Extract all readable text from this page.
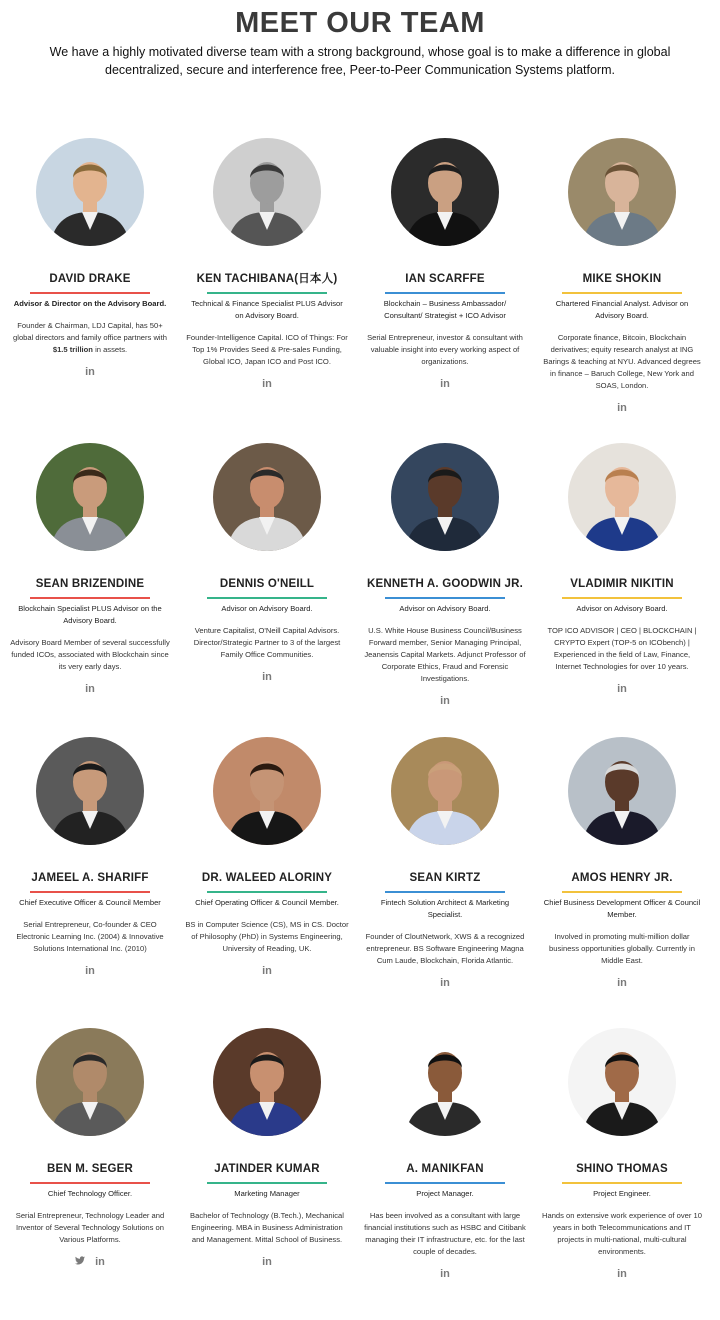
MEET OUR TEAM

We have a highly motivated diverse team with a strong background, whose goal is to make a difference in global decentralized, secure and interference free, Peer-to-Peer Communication Systems platform.

DAVID DRAKE
Advisor & Director on the Advisory Board.
Founder & Chairman, LDJ Capital, has 50+ global directors and family office partners with $1.5 trillion in assets.
in
KEN TACHIBANA(日本人)
Technical & Finance Specialist PLUS Advisor on Advisory Board.
Founder-Intelligence Capital. ICO of Things: For Top 1% Provides Seed & Pre-sales Funding, Global ICO, Japan ICO and Post ICO.
in
IAN SCARFFE
Blockchain – Business Ambassador/ Consultant/ Strategist + ICO Advisor
Serial Entrepreneur, investor & consultant with valuable insight into every working aspect of organizations.
in
MIKE SHOKIN
Chartered Financial Analyst. Advisor on Advisory Board.
Corporate finance, Bitcoin, Blockchain derivatives; equity research analyst at ING Barings & teaching at NYU. Advanced degrees in finance – Baruch College, New York and SOAS, London.
in
SEAN BRIZENDINE
Blockchain Specialist PLUS Advisor on the Advisory Board.
Advisory Board Member of several successfully funded ICOs, associated with Blockchain since its very early days.
in
DENNIS O'NEILL
Advisor on Advisory Board.
Venture Capitalist, O'Neill Capital Advisors. Director/Strategic Partner to 3 of the largest Family Office Communities.
in
KENNETH A. GOODWIN JR.
Advisor on Advisory Board.
U.S. White House Business Council/Business Forward member, Senior Managing Principal, Jeanensis Capital Markets. Adjunct Professor of Corporate Ethics, Fraud and Forensic Investigations.
in
VLADIMIR NIKITIN
Advisor on Advisory Board.
TOP ICO ADVISOR | CEO | BLOCKCHAIN | CRYPTO Expert (TOP-5 on ICObench) | Experienced in the field of Law, Finance, Internet Technologies for over 10 years.
in
JAMEEL A. SHARIFF
Chief Executive Officer & Council Member
Serial Entrepreneur, Co-founder & CEO Electronic Learning Inc. (2004) & Innovative Solutions International Inc. (2010)
in
DR. WALEED ALORINY
Chief Operating Officer & Council Member.
BS in Computer Science (CS), MS in CS. Doctor of Philosophy (PhD) in Systems Engineering, University of Reading, UK.
in
SEAN KIRTZ
Fintech Solution Architect & Marketing Specialist.
Founder of CloutNetwork, XWS & a recognized entrepreneur. BS Software Engineering Magna Cum Laude, Blockchain, Florida Atlantic.
in
AMOS HENRY JR.
Chief Business Development Officer & Council Member.
Involved in promoting multi-million dollar business opportunities globally. Currently in Middle East.
in
BEN M. SEGER
Chief Technology Officer.
Serial Entrepreneur, Technology Leader and Inventor of Several Technology Solutions on Various Platforms.
in
JATINDER KUMAR
Marketing Manager
Bachelor of Technology (B.Tech.), Mechanical Engineering. MBA in Business Administration and Management. Mittal School of Business.
in
A. MANIKFAN
Project Manager.
Has been involved as a consultant with large financial institutions such as HSBC and Citibank managing their IT infrastructure, etc. for the last couple of decades.
in
SHINO THOMAS
Project Engineer.
Hands on extensive work experience of over 10 years in both Telecommunications and IT projects in multi-national, multi-cultural environments.
in
